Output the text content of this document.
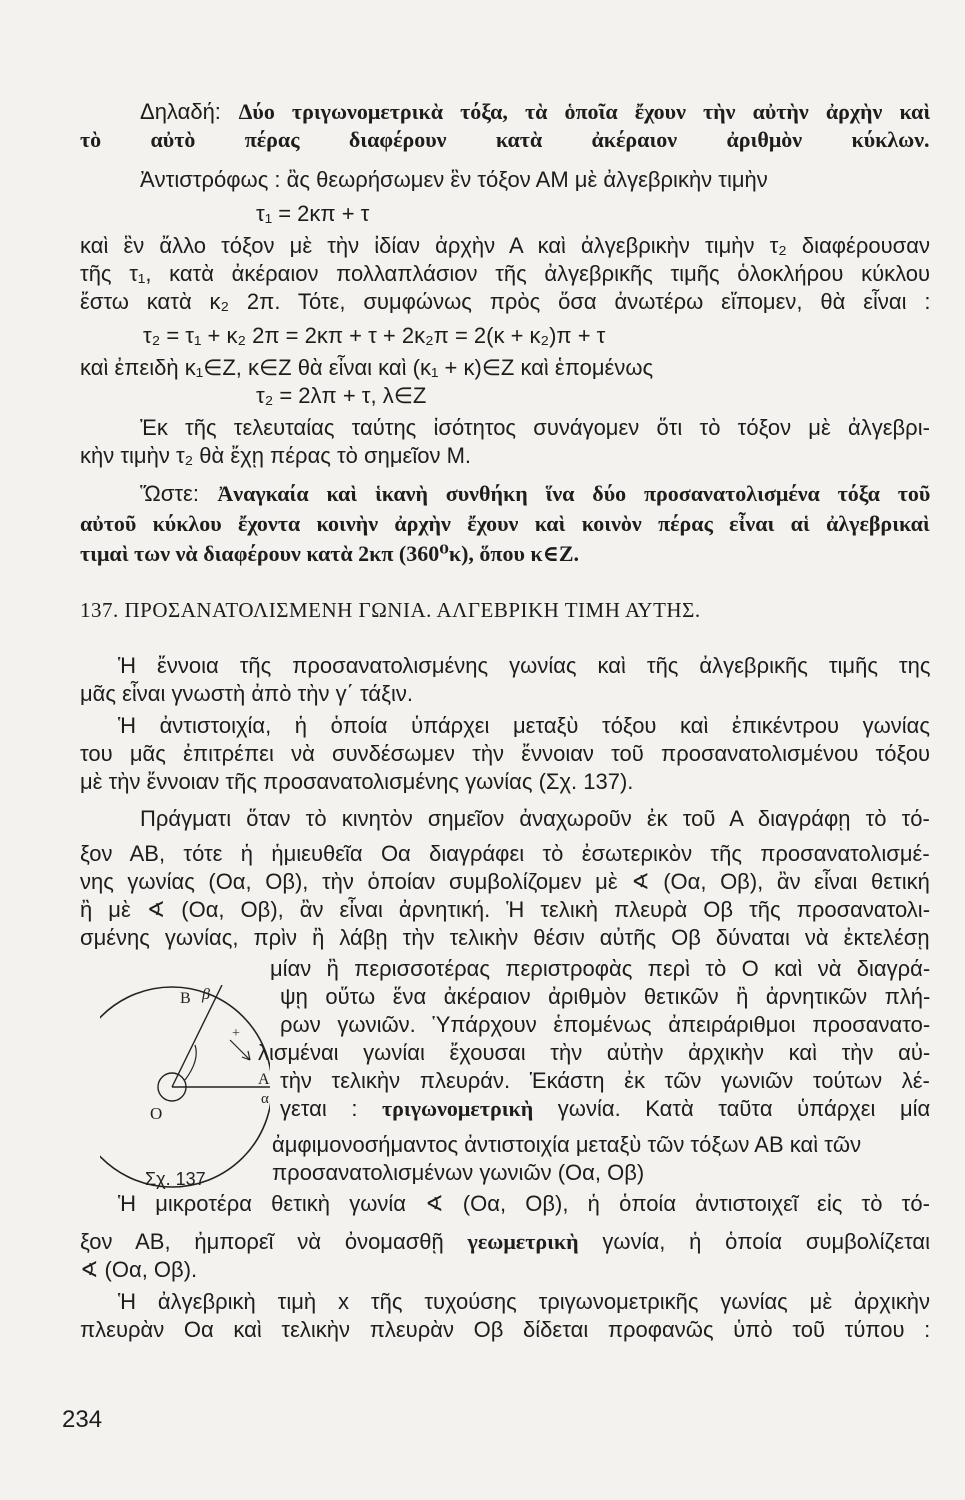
Δηλαδή: Δύο τριγωνομετρικὰ τόξα, τὰ ὁποῖα ἔχουν τὴν αὐτὴν ἀρχὴν καὶ
τὸ αὐτὸ πέρας διαφέρουν κατὰ ἀκέραιον ἀριθμὸν κύκλων.
Ἀντιστρόφως : ἂς θεωρήσωμεν ἓν τόξον ΑΜ μὲ ἀλγεβρικὴν τιμὴν
τ₁ = 2κπ + τ
καὶ ἓν ἄλλο τόξον μὲ τὴν ἰδίαν ἀρχὴν Α καὶ ἀλγεβρικὴν τιμὴν τ₂ διαφέρουσαν
τῆς τ₁, κατὰ ἀκέραιον πολλαπλάσιον τῆς ἀλγεβρικῆς τιμῆς ὁλοκλήρου κύκλου
ἔστω κατὰ κ₂ 2π. Τότε, συμφώνως πρὸς ὅσα ἀνωτέρω εἴπομεν, θὰ εἶναι :
τ₂ = τ₁ + κ₂ 2π = 2κπ + τ + 2κ₂π = 2(κ + κ₂)π + τ
καὶ ἐπειδὴ κ₁∈Ζ, κ∈Ζ θὰ εἶναι καὶ (κ₁ + κ)∈Ζ καὶ ἑπομένως
τ₂ = 2λπ + τ, λ∈Ζ
Ἐκ τῆς τελευταίας ταύτης ἰσότητος συνάγομεν ὅτι τὸ τόξον μὲ ἀλγεβρι-
κὴν τιμὴν τ₂ θὰ ἔχῃ πέρας τὸ σημεῖον Μ.
Ὥστε: Ἀναγκαία καὶ ἱκανὴ συνθήκη ἵνα δύο προσανατολισμένα τόξα τοῦ
αὐτοῦ κύκλου ἔχοντα κοινὴν ἀρχὴν ἔχουν καὶ κοινὸν πέρας εἶναι αἱ ἀλγεβρικαὶ
τιμαὶ των νὰ διαφέρουν κατὰ 2κπ (360⁰κ), ὅπου κ∈Ζ.
137. ΠΡΟΣΑΝΑΤΟΛΙΣΜΕΝΗ ΓΩΝΙΑ. ΑΛΓΕΒΡΙΚΗ ΤΙΜΗ ΑΥΤΗΣ.
Ἡ ἔννοια τῆς προσανατολισμένης γωνίας καὶ τῆς ἀλγεβρικῆς τιμῆς της
μᾶς εἶναι γνωστὴ ἀπὸ τὴν γ΄ τάξιν.
Ἡ ἀντιστοιχία, ἡ ὁποία ὑπάρχει μεταξὺ τόξου καὶ ἐπικέντρου γωνίας
του μᾶς ἐπιτρέπει νὰ συνδέσωμεν τὴν ἔννοιαν τοῦ προσανατολισμένου τόξου
μὲ τὴν ἔννοιαν τῆς προσανατολισμένης γωνίας (Σχ. 137).
Πράγματι ὅταν τὸ κινητὸν σημεῖον ἀναχωροῦν ἐκ τοῦ Α διαγράφῃ τὸ τό-
ξον ΑΒ, τότε ἡ ἡμιευθεῖα Οα διαγράφει τὸ ἐσωτερικὸν τῆς προσανατολισμέ-
νης γωνίας (Οα, Οβ), τὴν ὁποίαν συμβολίζομεν μὲ ∢ (Οα, Οβ), ἂν εἶναι θετική
ἢ μὲ ∢ (Οα, Οβ), ἂν εἶναι ἀρνητική. Ἡ τελικὴ πλευρὰ Οβ τῆς προσανατολι-
σμένης γωνίας, πρὶν ἢ λάβῃ τὴν τελικὴν θέσιν αὐτῆς Οβ δύναται νὰ ἐκτελέσῃ
μίαν ἢ περισσοτέρας περιστροφὰς περὶ τὸ Ο καὶ νὰ διαγρά-
ψῃ οὕτω ἕνα ἀκέραιον ἀριθμὸν θετικῶν ἢ ἀρνητικῶν πλή-
ρων γωνιῶν. Ὑπάρχουν ἑπομένως ἀπειράριθμοι προσανατο-
λισμέναι γωνίαι ἔχουσαι τὴν αὐτὴν ἀρχικὴν καὶ τὴν αὐ-
τὴν τελικὴν πλευράν. Ἑκάστη ἐκ τῶν γωνιῶν τούτων λέ-
γεται : τριγωνομετρικὴ γωνία. Κατὰ ταῦτα ὑπάρχει μία
ἀμφιμονοσήμαντος ἀντιστοιχία μεταξὺ τῶν τόξων ΑΒ καὶ τῶν
προσανατολισμένων γωνιῶν (Οα, Οβ)
Ἡ μικροτέρα θετικὴ γωνία ∢ (Οα, Οβ), ἡ ὁποία ἀντιστοιχεῖ εἰς τὸ τό-
ξον ΑΒ, ἠμπορεῖ νὰ ὀνομασθῇ γεωμετρικὴ γωνία, ἡ ὁποία συμβολίζεται
∢ (Οα, Οβ).
Ἡ ἀλγεβρικὴ τιμὴ x τῆς τυχούσης τριγωνομετρικῆς γωνίας μὲ ἀρχικὴν
πλευρὰν Οα καὶ τελικὴν πλευρὰν Οβ δίδεται προφανῶς ὑπὸ τοῦ τύπου :
234
O
A
α
B β
+
Σχ. 137
